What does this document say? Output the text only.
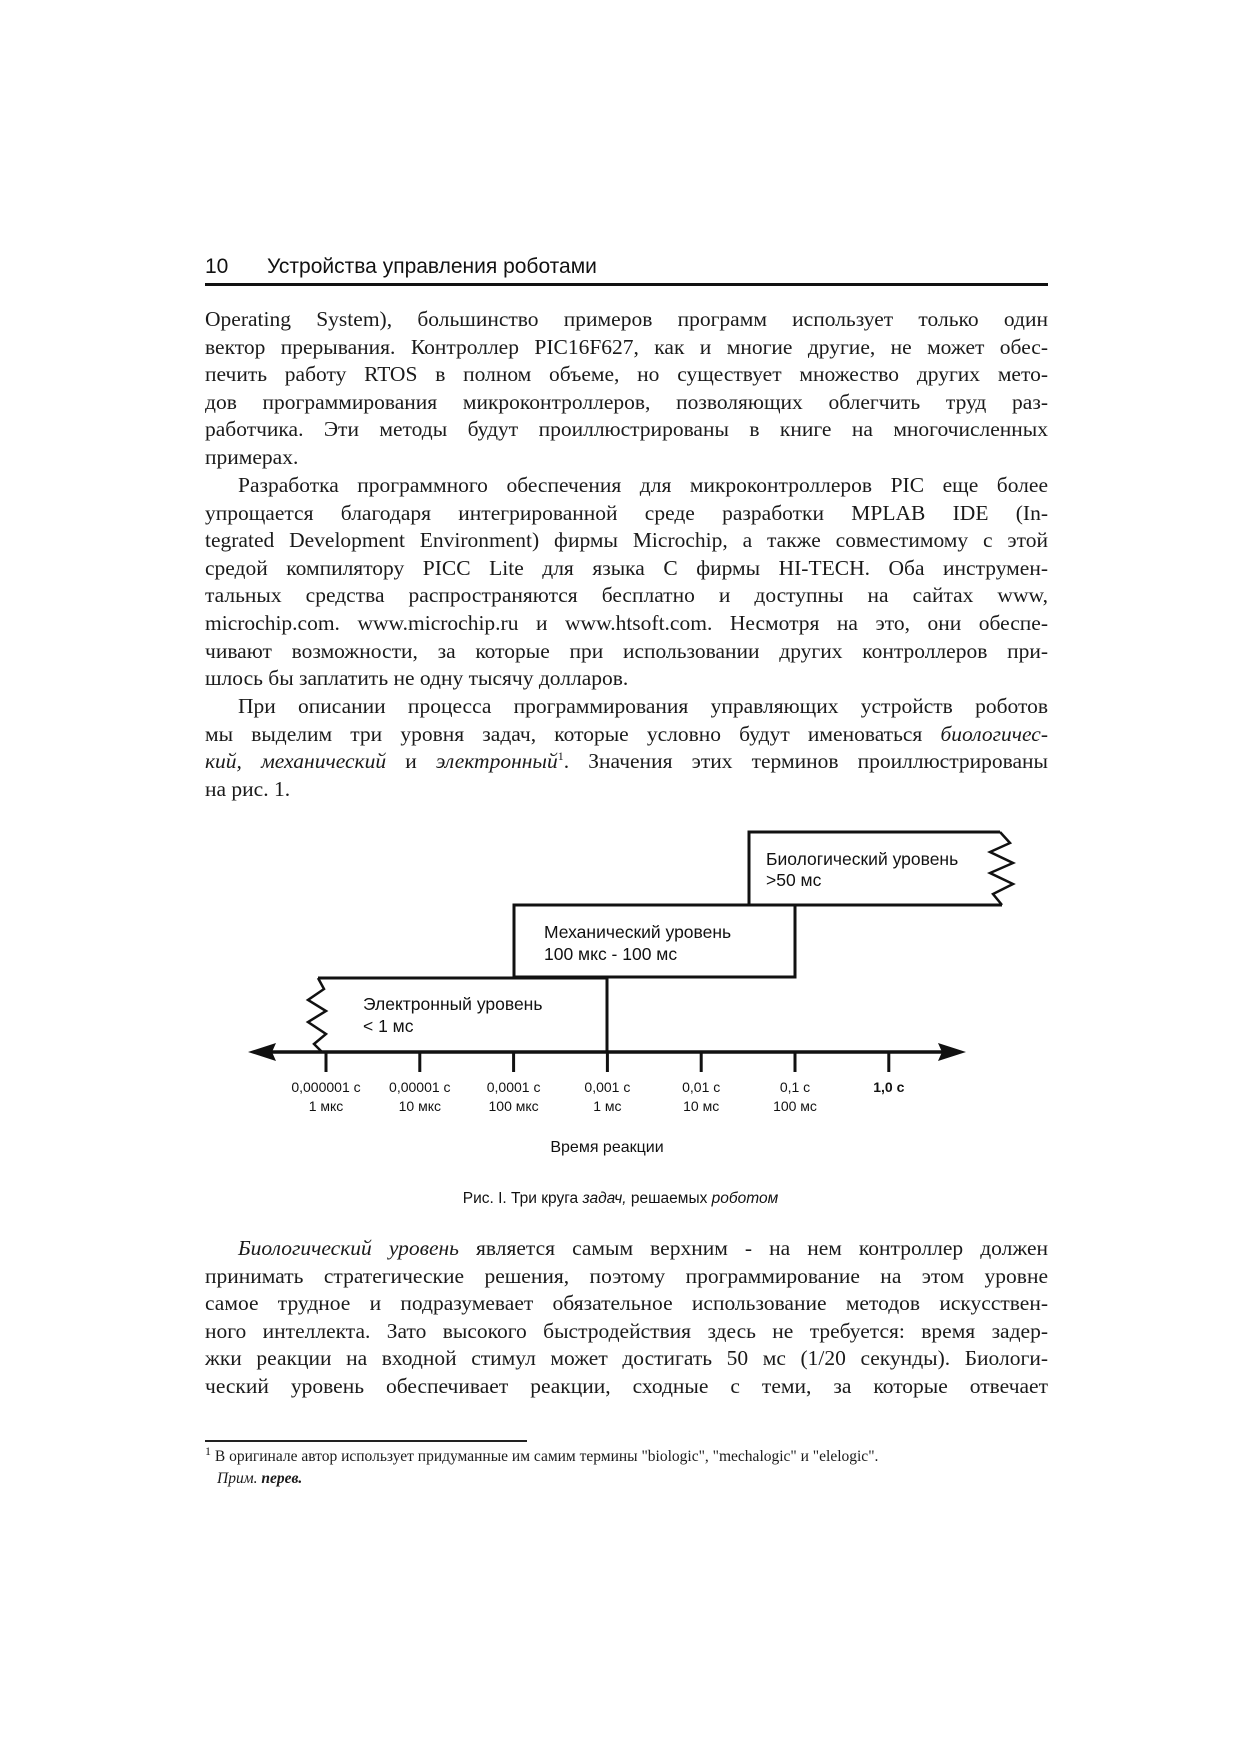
10 Устройства управления роботами
Operating System), большинство примеров программ использует только один
вектор прерывания. Контроллер PIC16F627, как и многие другие, не может обес-
печить работу RTOS в полном объеме, но существует множество других мето-
дов программирования микроконтроллеров, позволяющих облегчить труд раз-
работчика. Эти методы будут проиллюстрированы в книге на многочисленных
примерах.
Разработка программного обеспечения для микроконтроллеров PIC еще более
упрощается благодаря интегрированной среде разработки MPLAB IDE (In-
tegrated Development Environment) фирмы Microchip, а также совместимому с этой
средой компилятору PICC Lite для языка С фирмы HI-TECH. Оба инструмен-
тальных средства распространяются бесплатно и доступны на сайтах www,
microchip.com. www.microchip.ru и www.htsoft.com. Несмотря на это, они обеспе-
чивают возможности, за которые при использовании других контроллеров при-
шлось бы заплатить не одну тысячу долларов.
При описании процесса программирования управляющих устройств роботов
мы выделим три уровня задач, которые условно будут именоваться биологичес-
кий, механический и электронный$^1$. Значения этих терминов проиллюстрированы
на рис. 1.
Биологический уровень
>50 мс
Механический уровень
100 мкс - 100 мс
Электронный уровень
< 1 мс
0,000001 с
1 мкс
0,00001 с
10 мкс
0,0001 с
100 мкс
0,001 с
1 мс
0,01 с
10 мс
0,1 с
100 мс
1,0 с
Время реакции
Рис. I. Три круга задач, решаемых роботом
Биологический уровень является самым верхним - на нем контроллер должен
принимать стратегические решения, поэтому программирование на этом уровне
самое трудное и подразумевает обязательное использование методов искусствен-
ного интеллекта. Зато высокого быстродействия здесь не требуется: время задер-
жки реакции на входной стимул может достигать 50 мс (1/20 секунды). Биологи-
ческий уровень обеспечивает реакции, сходные с теми, за которые отвечает
$^1$ В оригинале автор использует придуманные им самим термины "biologic", "mechalogic" и "elelogic".
Прим. перев.
